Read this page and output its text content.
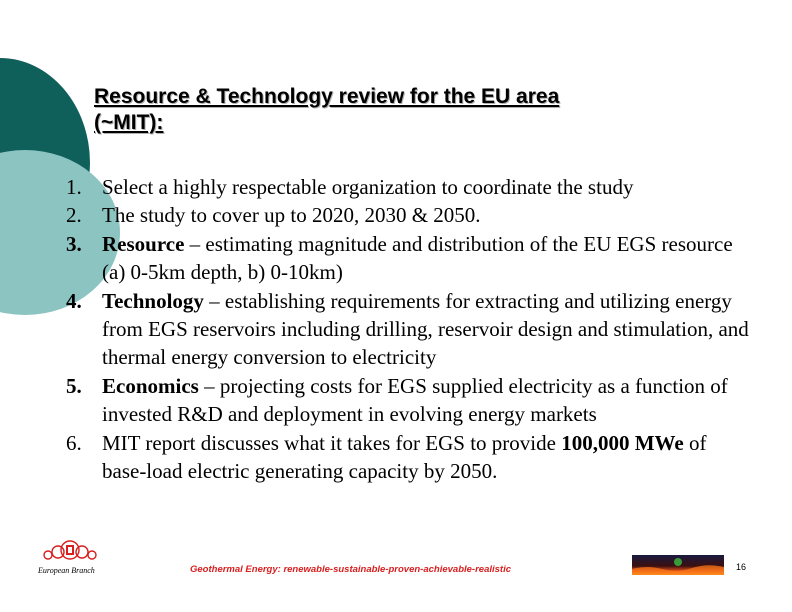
Resource & Technology review for the EU area
(~MIT):
1. Select a highly respectable organization to coordinate the study
2. The study to cover up to 2020, 2030 & 2050.
3. Resource – estimating magnitude and distribution of the EU EGS resource (a) 0-5km depth, b) 0-10km)
4. Technology – establishing requirements for extracting and utilizing energy from EGS reservoirs including drilling, reservoir design and stimulation, and thermal energy conversion to electricity
5. Economics – projecting costs for EGS supplied electricity as a function of invested R&D and deployment in evolving energy markets
6. MIT report discusses what it takes for EGS to provide 100,000 MWe of base-load electric generating capacity by 2050.
European Branch	Geothermal Energy: renewable-sustainable-proven-achievable-realistic	16
